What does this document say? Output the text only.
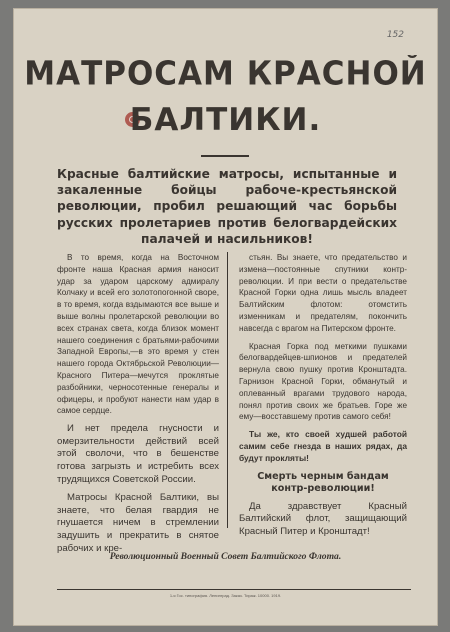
152
МАТРОСАМ КРАСНОЙ
БАЛТИКИ.
Красные балтийские матросы, испытанные и закаленные бойцы рабоче-крестьянской революции, пробил решающий час борьбы русских пролетариев против белогвардейских палачей и насильников!

В то время, когда на Восточном фронте наша Красная армия наносит удар за ударом царскому адмиралу Колчаку и всей его золотопогонной своре, в то время, когда вздымаются все выше и выше волны пролетарской революции во всех странах света, когда близок момент нашего соединения с братьями-рабочими Западной Европы,—в это время у стен нашего города Октябрьской Революции—Красного Питера—мечутся проклятые разбойники, черносотенные генералы и офицеры, и пробуют нанести нам удар в самое сердце.

И нет предела гнусности и омерзительности действий всей этой сволочи, что в бешенстве готова загрызть и истребить всех трудящихся Советской России.

Матросы Красной Балтики, вы знаете, что белая гвардия не гнушается ничем в стремлении задушить и прекратить в снятое рабочих и кре-

стьян. Вы знаете, что предательство и измена—постоянные спутники контр-революции. И при вести о предательстве Красной Горки одна лишь мысль владеет Балтийским флотом: отомстить изменникам и предателям, покончить навсегда с врагом на Питерском фронте.

Красная Горка под меткими пушками белогвардейцев-шпионов и предателей вернула свою пушку против Кронштадта. Гарнизон Красной Горки, обманутый и оплеванный врагами трудового народа, понял против своих же братьев. Горе же ему—восставшему против самого себя!

Ты же, кто своей худшей работой самим себе гнезда в наших рядах, да будут прокляты!

Смерть черным бандам контр-революции!

Да здравствует Красный Балтийский флот, защищающий Красный Питер и Кронштадт!

Революционный Военный Совет Балтийского Флота.
1-я Гос. типография. Ленинград. Заказ. Тираж. 10000. 1919.
